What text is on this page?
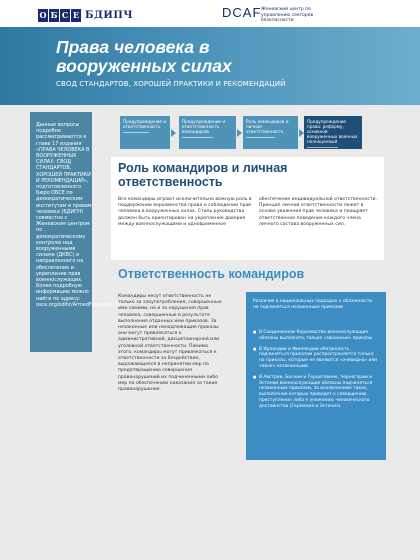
О Б С Е БДИПЧ	DCAF Женевский центр по управлению секторов безопасности
Права человека в
вооруженных силах
СВОД СТАНДАРТОВ, ХОРОШЕЙ ПРАКТИКИ И РЕКОМЕНДАЦИЙ
Данные вопросы подробно рассматриваются в главе 17 издания «ПРАВА ЧЕЛОВЕКА В ВООРУЖЕННЫХ СИЛАХ: СВОД СТАНДАРТОВ, ХОРОШЕЙ ПРАКТИКИ И РЕКОМЕНДАЦИЙ», подготовленного Бюро ОБСЕ по демократическим институтам и правам человека (БДИПЧ) совместно с Женевским центром по демократическому контролю над вооруженными силами (ДКВС) и направленного на обеспечение и укрепление прав военнослужащих. Более подробную информацию можно найти по адресу: osce.org/odihr/ArmedForcesRights
Предупреждение и ответственность
Предупреждение и ответственность командиров
Роль командиров и личная ответственность
Предупреждение права: реформу, основной вооруженных военных полноценный
Роль командиров и личная
ответственность
Все командиры играют исключительно важную роль в поддержании верховенства права и соблюдении прав человека в вооруженных силах. Стиль руководства должен быть ориентирован на укрепление доверия между военнослужащими и одновременное
обеспечение индивидуальной ответственности. Принцип личной ответственности лежит в основе уважения прав человека и поощряет ответственное поведение каждого члена личного состава вооруженных сил.
Ответственность командиров
Командиры несут ответственность не только за злоупотребления, совершенные ими самими, но и за нарушения прав человека, совершенные в результате выполнения отданных ими приказов. За незаконные или ненадлежащие приказы они могут привлекаться к административной, дисциплинарной или уголовной ответственности. Помимо этого, командиры могут привлекаться к ответственности за бездействие, выражающееся в непринятии мер по предотвращению совершения правонарушений их подчиненными либо мер по обеспечению наказания за такие правонарушения.
Различия в национальных подходах к обязанности не подчиняться незаконным приказам
■ В Соединенном Королевстве военнослужащие обязаны выполнять только «законные» приказы.
■ В Ирландии и Финляндии обязанность подчиняться приказам распространяется только на приказы, которые не являются «очевидно» или «явно» незаконными.
■ В Австрии, Боснии и Герцеговине, Черногории и Эстонии военнослужащие обязаны подчиняться незаконным приказам, за исключением таких, выполнение которых приведет к совершению преступления либо к унижению человеческого достоинства (Германия и Эстония).
